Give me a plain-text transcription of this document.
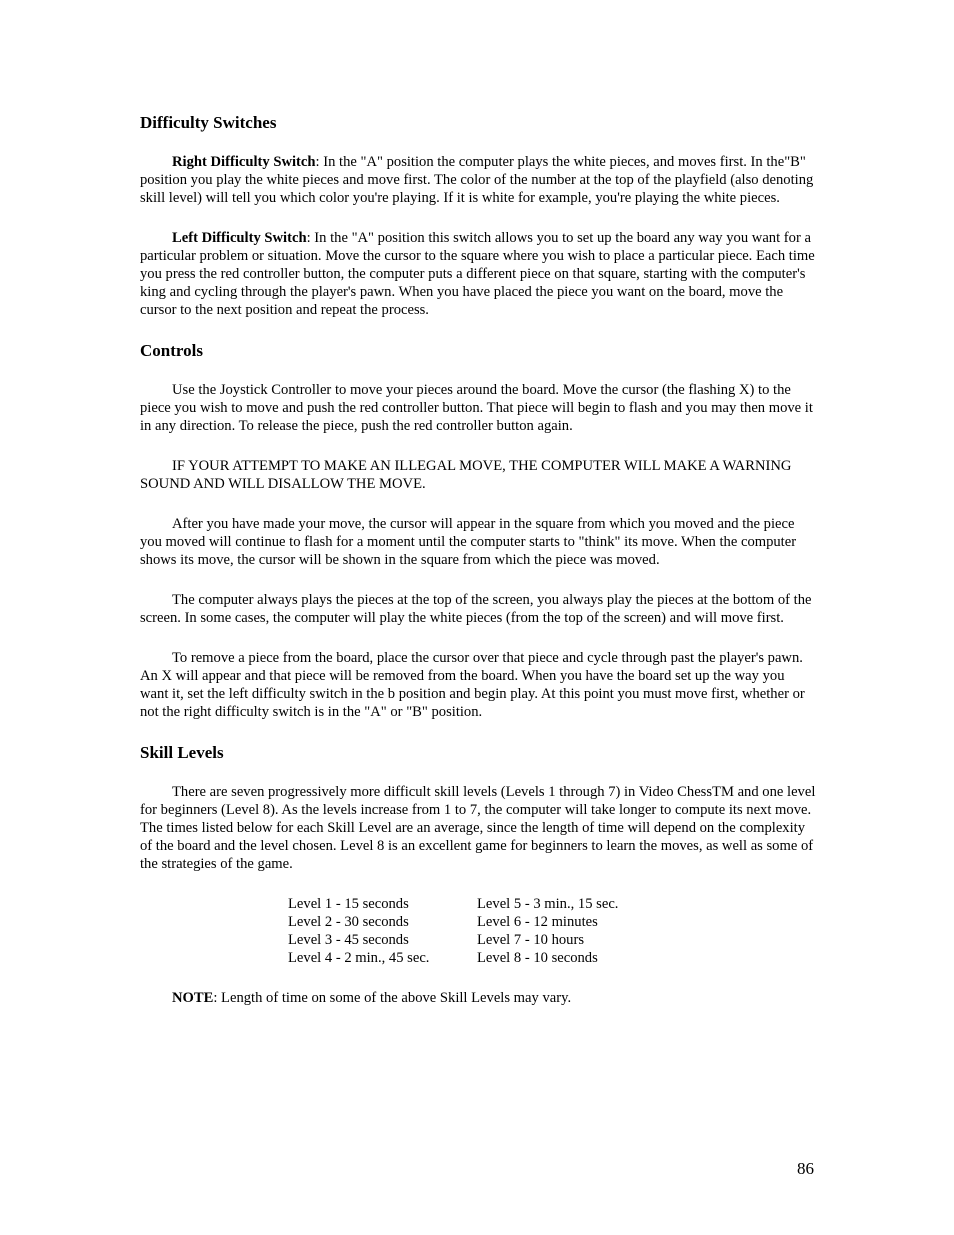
Difficulty Switches

Right Difficulty Switch: In the "A" position the computer plays the white pieces, and moves first. In the"B" position you play the white pieces and move first. The color of the number at the top of the playfield (also denoting skill level) will tell you which color you're playing. If it is white for example, you're playing the white pieces.

Left Difficulty Switch: In the "A" position this switch allows you to set up the board any way you want for a particular problem or situation. Move the cursor to the square where you wish to place a particular piece. Each time you press the red controller button, the computer puts a different piece on that square, starting with the computer's king and cycling through the player's pawn. When you have placed the piece you want on the board, move the cursor to the next position and repeat the process.

Controls

Use the Joystick Controller to move your pieces around the board. Move the cursor (the flashing X) to the piece you wish to move and push the red controller button. That piece will begin to flash and you may then move it in any direction. To release the piece, push the red controller button again.

IF YOUR ATTEMPT TO MAKE AN ILLEGAL MOVE, THE COMPUTER WILL MAKE A WARNING SOUND AND WILL DISALLOW THE MOVE.

After you have made your move, the cursor will appear in the square from which you moved and the piece you moved will continue to flash for a moment until the computer starts to "think" its move. When the computer shows its move, the cursor will be shown in the square from which the piece was moved.

The computer always plays the pieces at the top of the screen, you always play the pieces at the bottom of the screen. In some cases, the computer will play the white pieces (from the top of the screen) and will move first.

To remove a piece from the board, place the cursor over that piece and cycle through past the player's pawn. An X will appear and that piece will be removed from the board. When you have the board set up the way you want it, set the left difficulty switch in the b position and begin play. At this point you must move first, whether or not the right difficulty switch is in the "A" or "B" position.

Skill Levels

There are seven progressively more difficult skill levels (Levels 1 through 7) in Video ChessTM and one level for beginners (Level 8). As the levels increase from 1 to 7, the computer will take longer to compute its next move. The times listed below for each Skill Level are an average, since the length of time will depend on the complexity of the board and the level chosen. Level 8 is an excellent game for beginners to learn the moves, as well as some of the strategies of the game.

Level 1 - 15 seconds	Level 5 - 3 min., 15 sec.
Level 2 - 30 seconds	Level 6 - 12 minutes
Level 3 - 45 seconds	Level 7 - 10 hours
Level 4 - 2 min., 45 sec.	Level 8 - 10 seconds

NOTE: Length of time on some of the above Skill Levels may vary.

86
